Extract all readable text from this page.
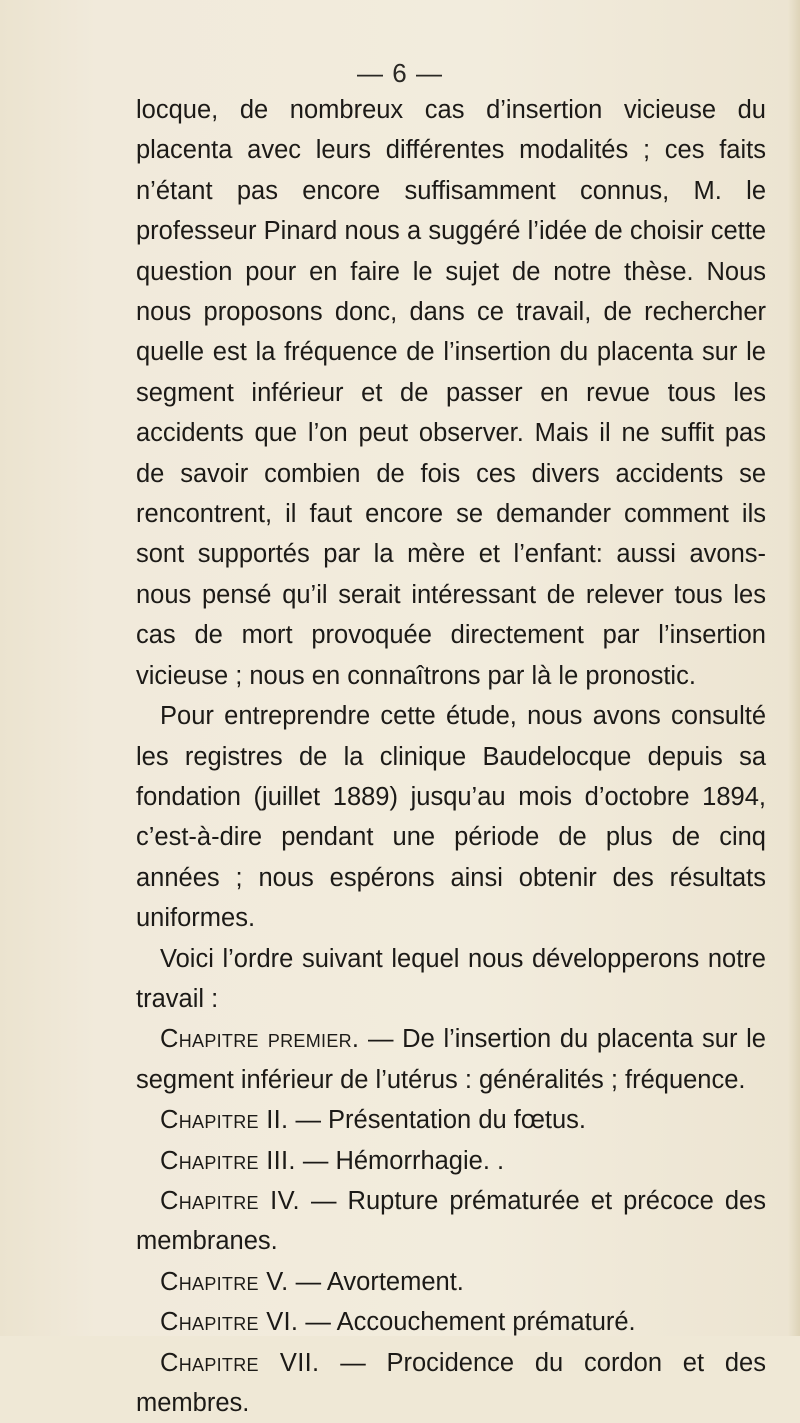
— 6 —

locque, de nombreux cas d’insertion vicieuse du placenta avec leurs différentes modalités ; ces faits n’étant pas encore suffisamment connus, M. le professeur Pinard nous a suggéré l’idée de choisir cette question pour en faire le sujet de notre thèse. Nous nous proposons donc, dans ce travail, de rechercher quelle est la fréquence de l’insertion du placenta sur le segment inférieur et de passer en revue tous les accidents que l’on peut observer. Mais il ne suffit pas de savoir combien de fois ces divers accidents se rencontrent, il faut encore se demander comment ils sont supportés par la mère et l’enfant: aussi avons-nous pensé qu’il serait intéressant de relever tous les cas de mort provoquée directement par l’insertion vicieuse ; nous en connaîtrons par là le pronostic.

Pour entreprendre cette étude, nous avons consulté les registres de la clinique Baudelocque depuis sa fondation (juillet 1889) jusqu’au mois d’octobre 1894, c’est-à-dire pendant une période de plus de cinq années ; nous espérons ainsi obtenir des résultats uniformes.

Voici l’ordre suivant lequel nous développerons notre travail :

Chapitre premier. — De l’insertion du placenta sur le segment inférieur de l’utérus : généralités ; fréquence.

Chapitre II. — Présentation du fœtus.

Chapitre III. — Hémorrhagie. .

Chapitre IV. — Rupture prématurée et précoce des membranes.

Chapitre V. — Avortement.

Chapitre VI. — Accouchement prématuré.

Chapitre VII. — Procidence du cordon et des membres.
